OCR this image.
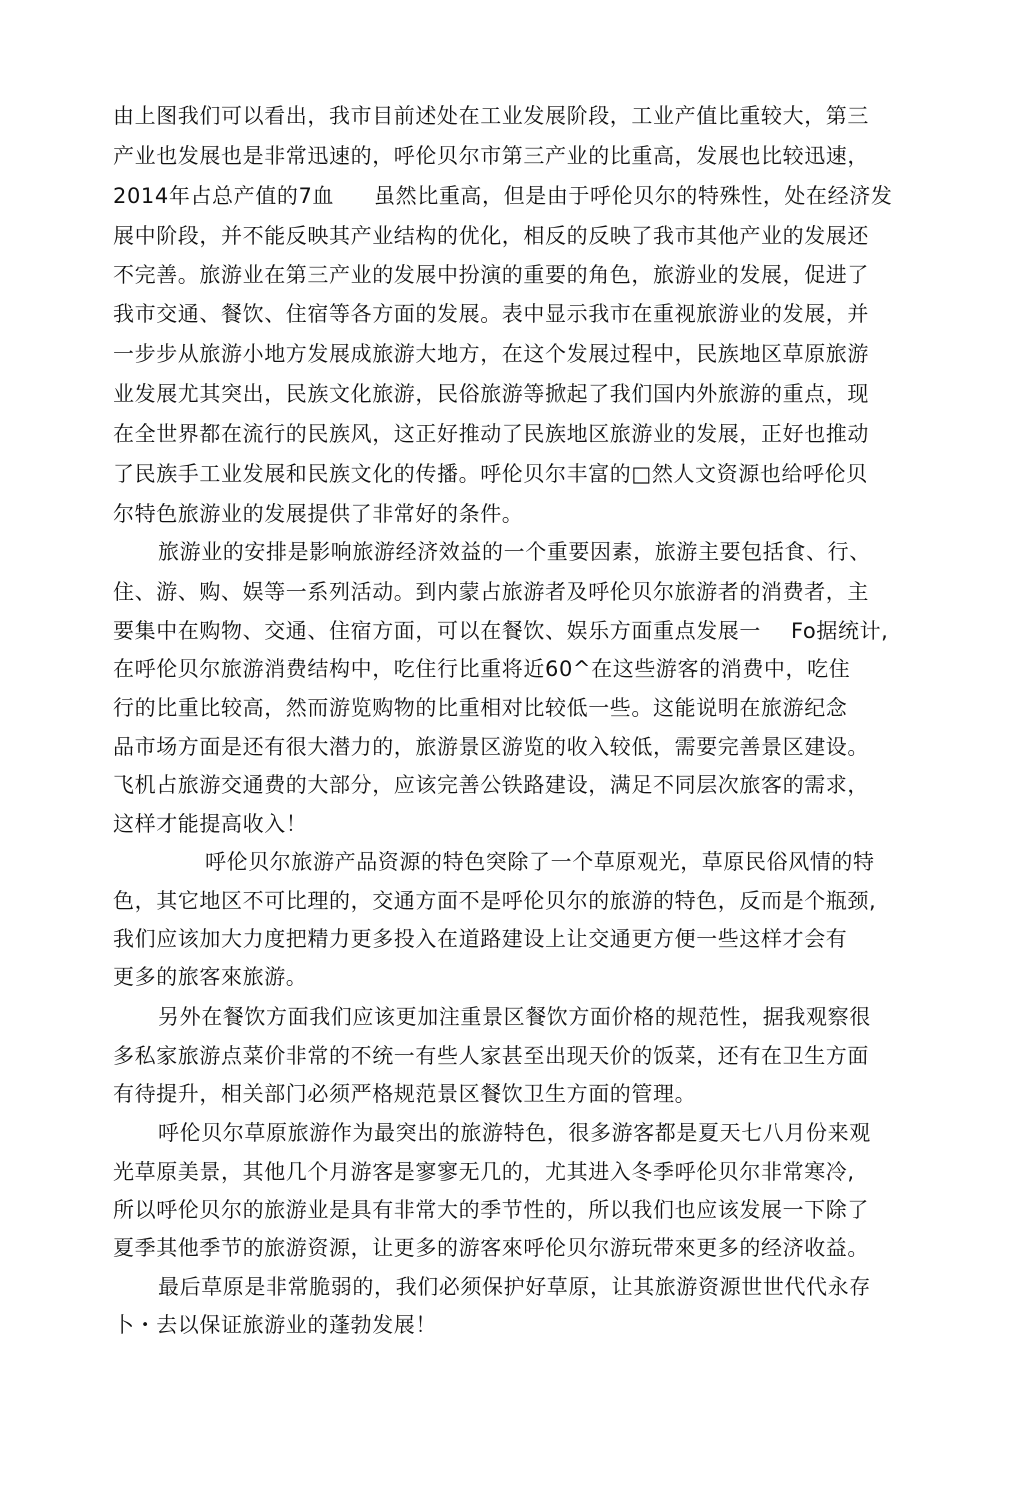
由上图我们可以看出，我市目前述处在工业发展阶段，工业产值比重较大，第三
产业也发展也是非常迅速的，呼伦贝尔市第三产业的比重高，发展也比较迅速，
2014年占总产值的7血 虽然比重高，但是由于呼伦贝尔的特殊性，处在经济发
展中阶段，并不能反映其产业结构的优化，相反的反映了我市其他产业的发展还
不完善。旅游业在第三产业的发展中扮演的重要的角色，旅游业的发展，促进了
我市交通、餐饮、住宿等各方面的发展。表中显示我市在重视旅游业的发展，并
一步步从旅游小地方发展成旅游大地方，在这个发展过程中，民族地区草原旅游
业发展尤其突出，民族文化旅游，民俗旅游等掀起了我们国内外旅游的重点，现
在全世界都在流行的民族风，这正好推动了民族地区旅游业的发展，正好也推动
了民族手工业发展和民族文化的传播。呼伦贝尔丰富的□然人文资源也给呼伦贝
尔特色旅游业的发展提供了非常好的条件。
旅游业的安排是影响旅游经济效益的一个重要因素，旅游主要包括食、行、
住、游、购、娱等一系列活动。到内蒙占旅游者及呼伦贝尔旅游者的消费者，主
要集中在购物、交通、住宿方面，可以在餐饮、娱乐方面重点发展一 Fo据统计,
在呼伦贝尔旅游消费结构中，吃住行比重将近60^在这些游客的消费中，吃住
行的比重比较高，然而游览购物的比重相对比较低一些。这能说明在旅游纪念
品市场方面是还有很大潜力的，旅游景区游览的收入较低，需要完善景区建设。
飞机占旅游交通费的大部分，应该完善公铁路建设，满足不同层次旅客的需求，
这样才能提高收入！
呼伦贝尔旅游产品资源的特色突除了一个草原观光，草原民俗风情的特
色，其它地区不可比理的，交通方面不是呼伦贝尔的旅游的特色，反而是个瓶颈,
我们应该加大力度把精力更多投入在道路建设上让交通更方便一些这样才会有
更多的旅客來旅游。
另外在餐饮方面我们应该更加注重景区餐饮方面价格的规范性，据我观察很
多私家旅游点菜价非常的不统一有些人家甚至出现天价的饭菜，还有在卫生方面
有待提升，相关部门必须严格规范景区餐饮卫生方面的管理。
呼伦贝尔草原旅游作为最突出的旅游特色，很多游客都是夏天七八月份来观
光草原美景，其他几个月游客是寥寥无几的，尤其进入冬季呼伦贝尔非常寒冷,
所以呼伦贝尔的旅游业是具有非常大的季节性的，所以我们也应该发展一下除了
夏季其他季节的旅游资源，让更多的游客來呼伦贝尔游玩带來更多的经济收益。
最后草原是非常脆弱的，我们必须保护好草原，让其旅游资源世世代代永存
卜・去以保证旅游业的蓬勃发展！
